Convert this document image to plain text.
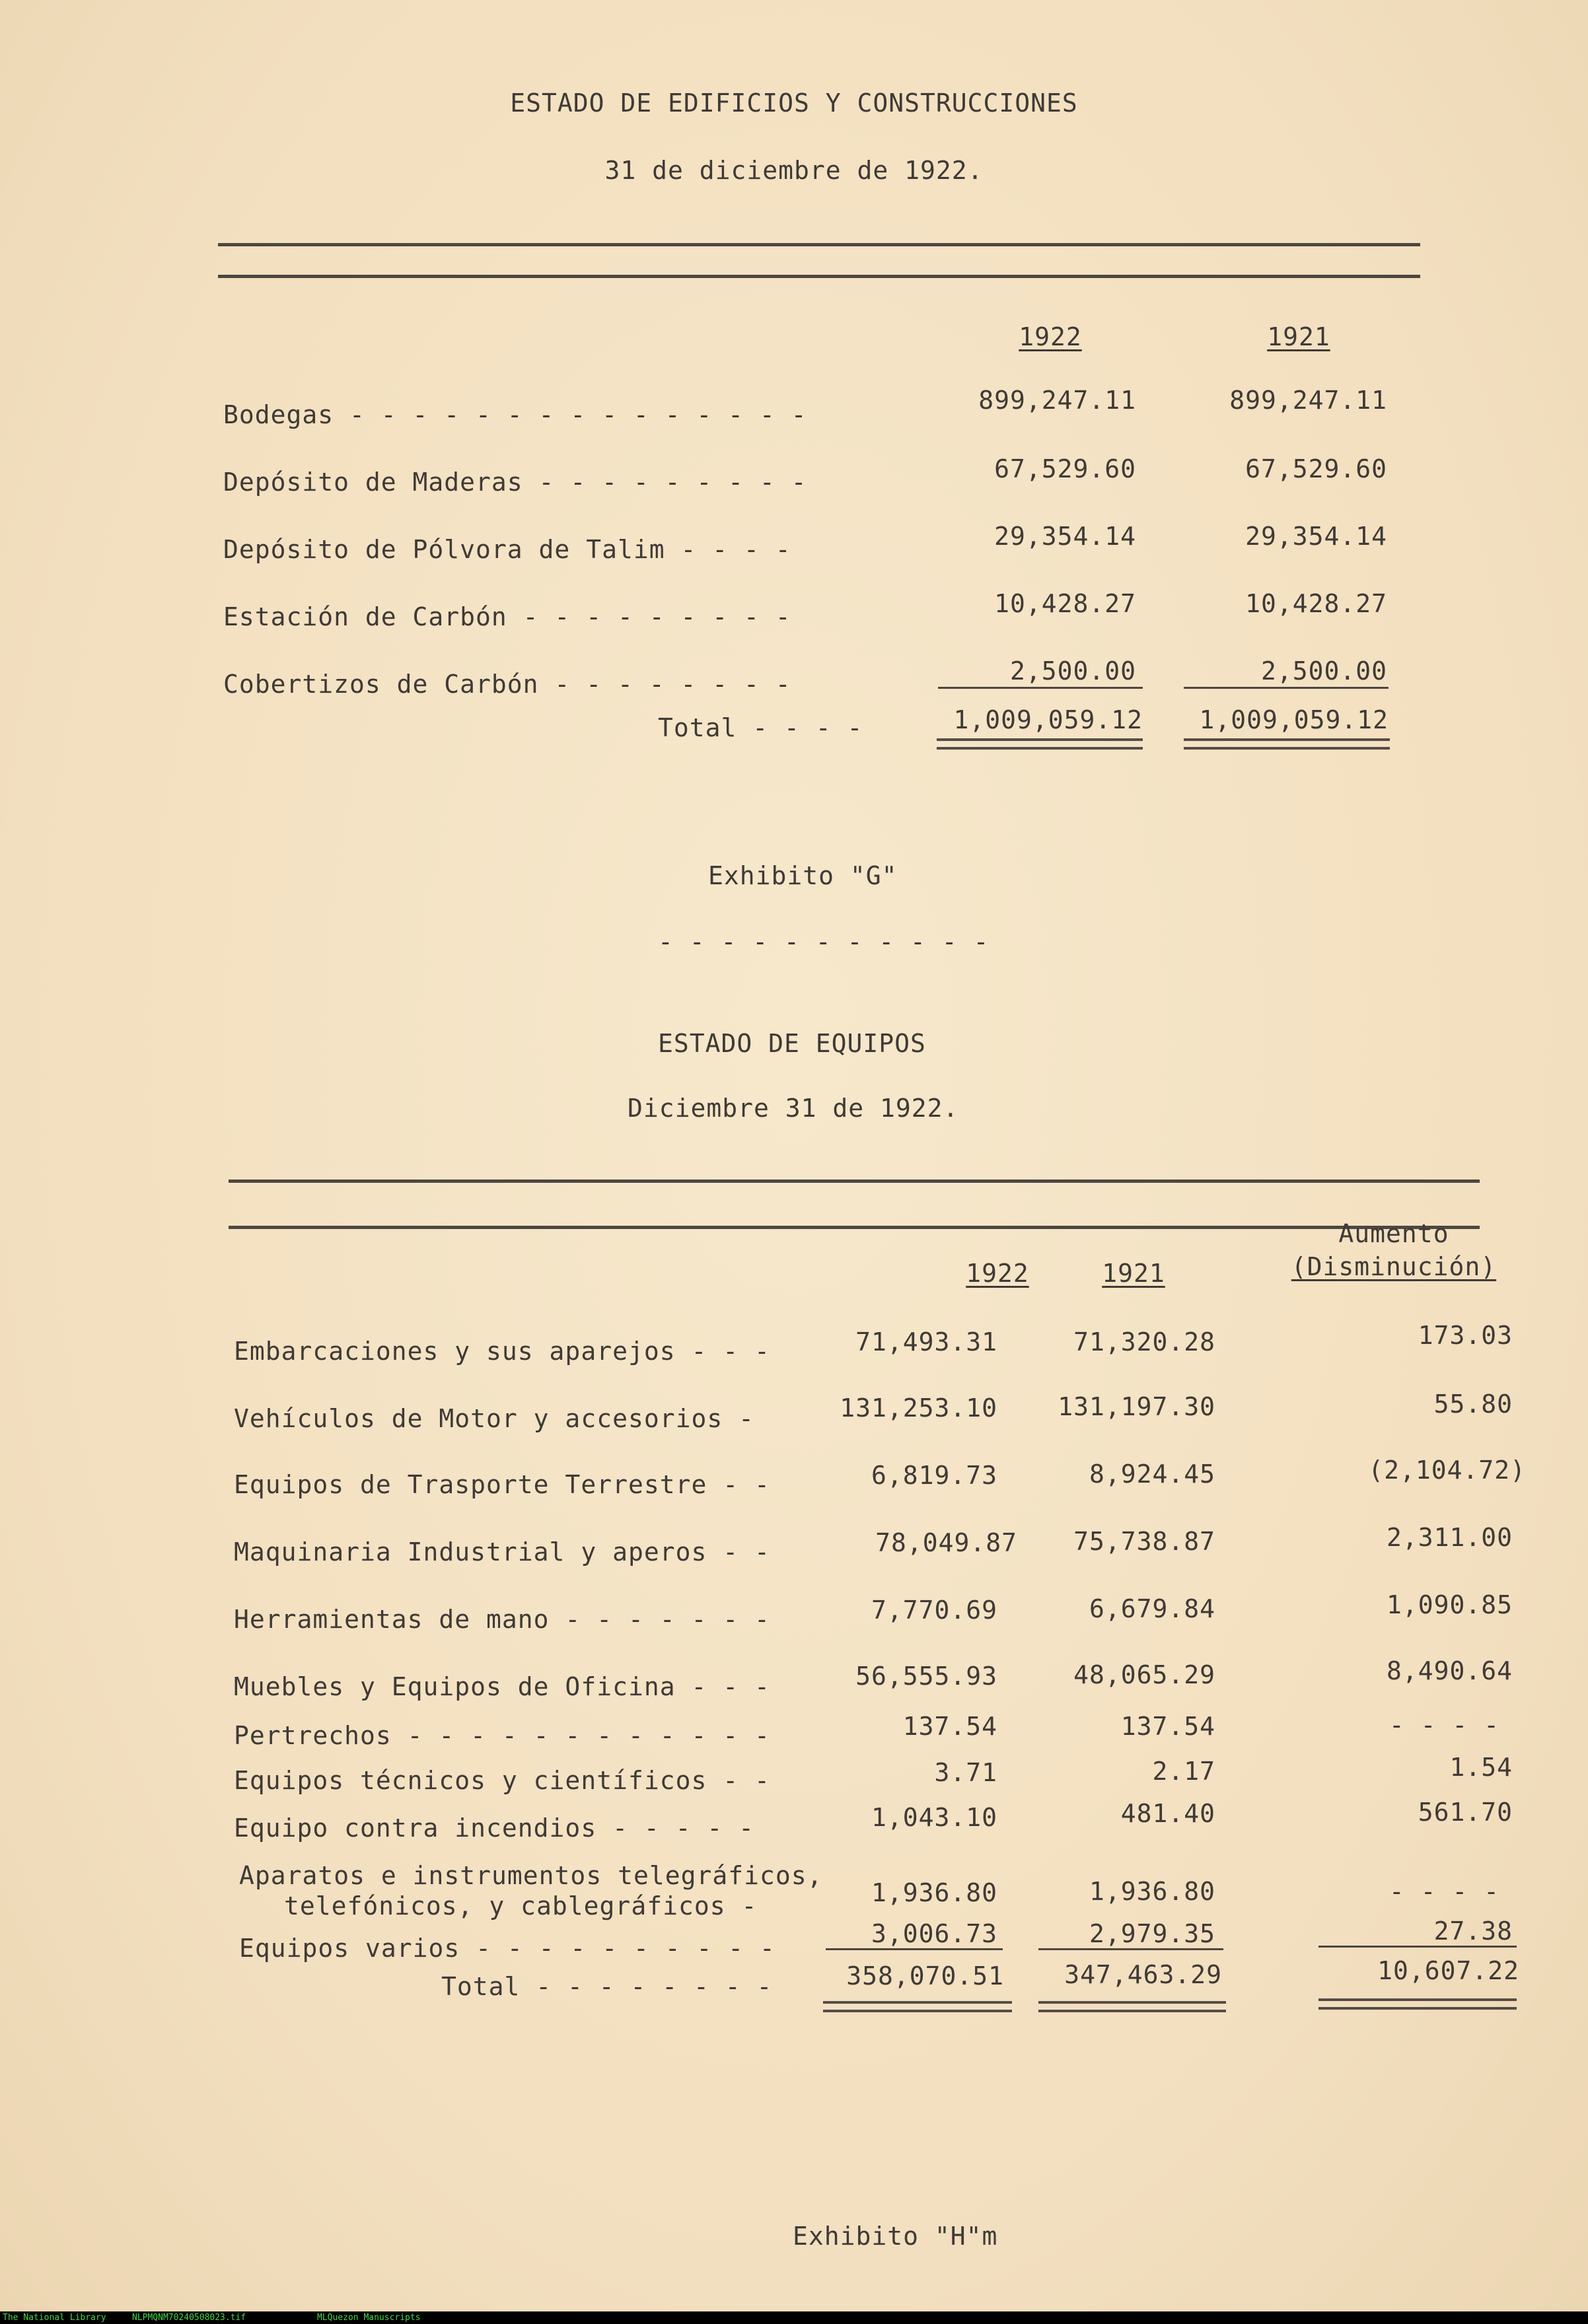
ESTADO DE EDIFICIOS Y CONSTRUCCIONES
31 de diciembre de 1922.
1922	1921
Bodegas - - - - - - - - - - - - - - -	899,247.11	899,247.11
Depósito de Maderas - - - - - - - - -	67,529.60	67,529.60
Depósito de Pólvora de Talim - - - -	29,354.14	29,354.14
Estación de Carbón - - - - - - - - -	10,428.27	10,428.27
Cobertizos de Carbón - - - - - - - -	2,500.00	2,500.00
Total - - - -	1,009,059.12	1,009,059.12
Exhibito "G"
- - - - - - - - - - -
ESTADO DE EQUIPOS
Diciembre 31 de 1922.
Aumento
1922	1921	(Disminución)
Embarcaciones y sus aparejos - - -	71,493.31	71,320.28	173.03
Vehículos de Motor y accesorios -	131,253.10	131,197.30	55.80
Equipos de Trasporte Terrestre - -	6,819.73	8,924.45	(2,104.72)
Maquinaria Industrial y aperos - -	78,049.87	75,738.87	2,311.00
Herramientas de mano - - - - - - -	7,770.69	6,679.84	1,090.85
Muebles y Equipos de Oficina - - -	56,555.93	48,065.29	8,490.64
Pertrechos - - - - - - - - - - - -	137.54	137.54	- - - -
Equipos técnicos y científicos - -	3.71	2.17	1.54
Equipo contra incendios - - - - -	1,043.10	481.40	561.70
Aparatos e instrumentos telegráficos,
telefónicos, y cablegráficos -	1,936.80	1,936.80	- - - -
Equipos varios - - - - - - - - - -	3,006.73	2,979.35	27.38
Total - - - - - - - -	358,070.51	347,463.29	10,607.22
Exhibito "H"m
The National Library	NLPMQNM70240508023.tif	MLQuezon Manuscripts
